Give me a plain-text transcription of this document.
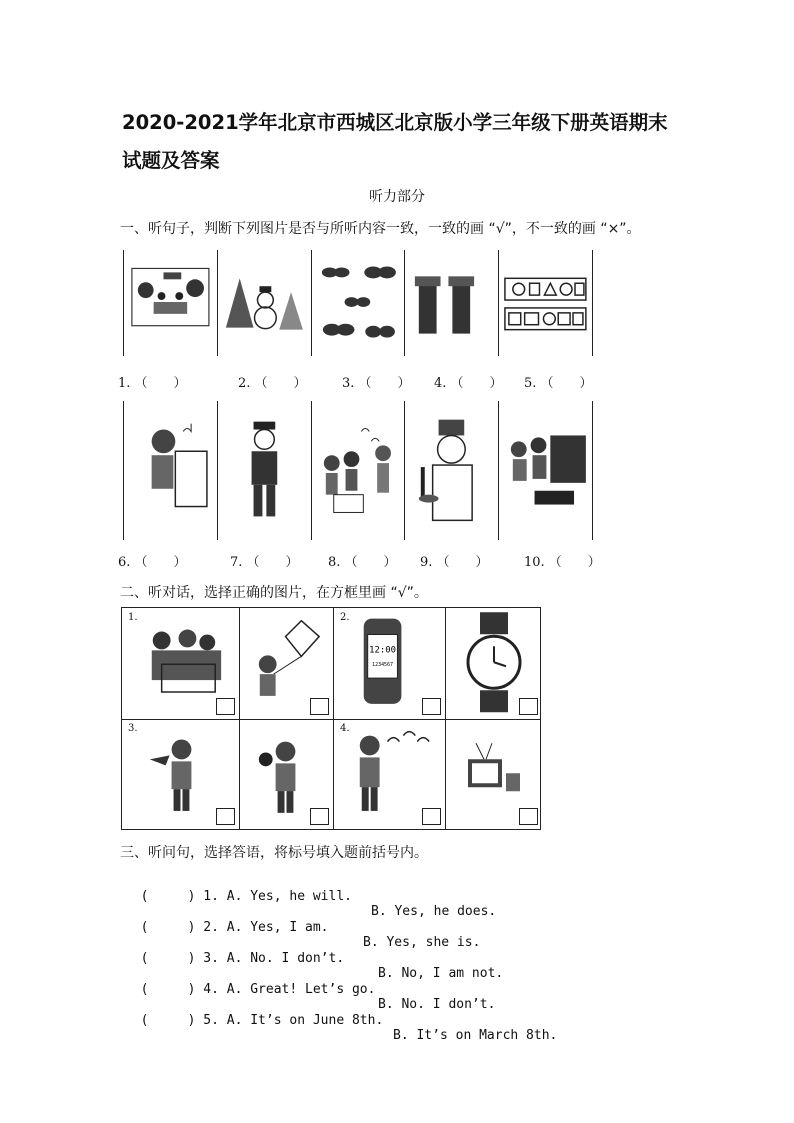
2020-2021学年北京市西城区北京版小学三年级下册英语期末试题及答案
听力部分
一、听句子，判断下列图片是否与所听内容一致，一致的画 “√”，不一致的画 “×”。
1. （　　）	2. （　　）	3. （　　） 4. （　　） 5. （　　）
6. （　　）	7. （　　） 8. （　　） 9. （　　）	10. （　　）
二、听对话，选择正确的图片，在方框里画 “√”。
1.	2.
12:00
1234567
3.	4.
三、听问句，选择答语，将标号填入题前括号内。

(     ) 1. A. Yes, he will.

B. Yes, he does.

(     ) 2. A. Yes, I am.

B. Yes, she is.

(     ) 3. A. No. I don’t.

B. No, I am not.

(     ) 4. A. Great! Let’s go.

B. No. I don’t.

(     ) 5. A. It’s on June 8th.

B. It’s on March 8th.
